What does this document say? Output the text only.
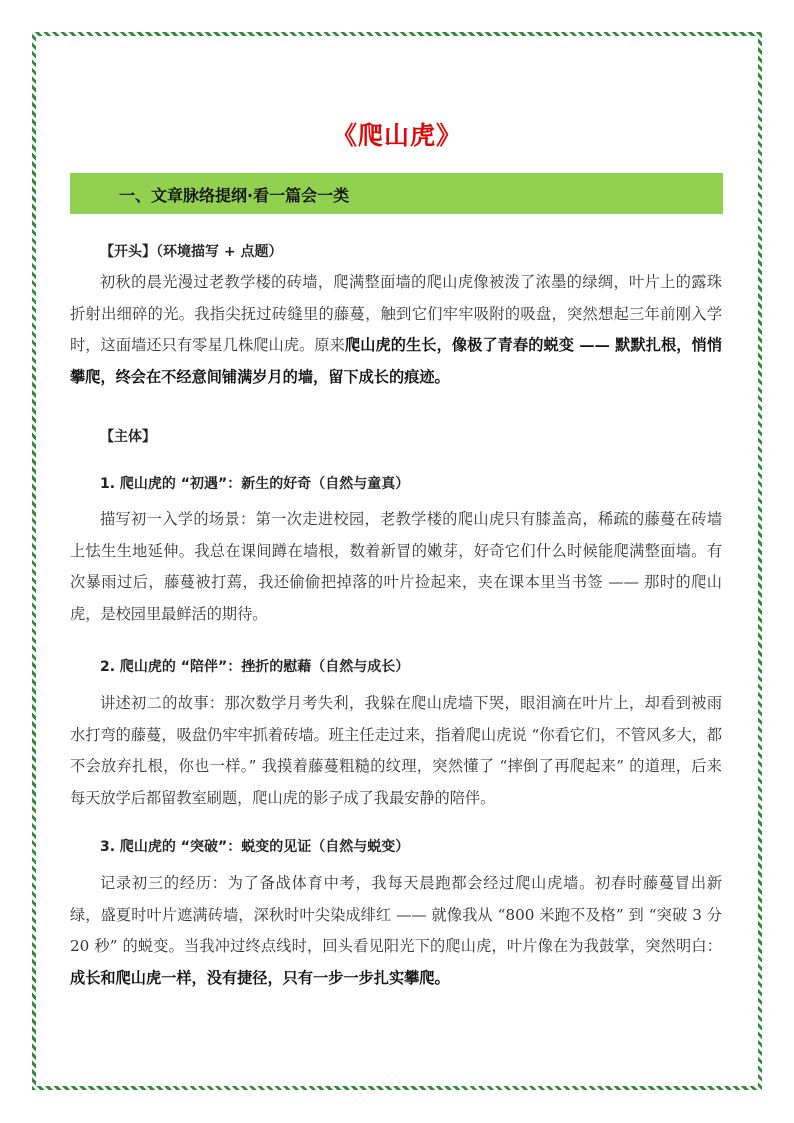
《爬山虎》
一、文章脉络提纲·看一篇会一类
【开头】（环境描写 + 点题）
初秋的晨光漫过老教学楼的砖墙，爬满整面墙的爬山虎像被泼了浓墨的绿绸，叶片上的露珠折射出细碎的光。我指尖抚过砖缝里的藤蔓，触到它们牢牢吸附的吸盘，突然想起三年前刚入学时，这面墙还只有零星几株爬山虎。原来爬山虎的生长，像极了青春的蜕变 —— 默默扎根，悄悄攀爬，终会在不经意间铺满岁月的墙，留下成长的痕迹。
【主体】
1. 爬山虎的 “初遇”：新生的好奇（自然与童真）
描写初一入学的场景：第一次走进校园，老教学楼的爬山虎只有膝盖高，稀疏的藤蔓在砖墙上怯生生地延伸。我总在课间蹲在墙根，数着新冒的嫩芽，好奇它们什么时候能爬满整面墙。有次暴雨过后，藤蔓被打蔫，我还偷偷把掉落的叶片捡起来，夹在课本里当书签 —— 那时的爬山虎，是校园里最鲜活的期待。
2. 爬山虎的 “陪伴”：挫折的慰藉（自然与成长）
讲述初二的故事：那次数学月考失利，我躲在爬山虎墙下哭，眼泪滴在叶片上，却看到被雨水打弯的藤蔓，吸盘仍牢牢抓着砖墙。班主任走过来，指着爬山虎说 “你看它们，不管风多大，都不会放弃扎根，你也一样。” 我摸着藤蔓粗糙的纹理，突然懂了 “摔倒了再爬起来” 的道理，后来每天放学后都留教室刷题，爬山虎的影子成了我最安静的陪伴。
3. 爬山虎的 “突破”：蜕变的见证（自然与蜕变）
记录初三的经历：为了备战体育中考，我每天晨跑都会经过爬山虎墙。初春时藤蔓冒出新绿，盛夏时叶片遮满砖墙，深秋时叶尖染成绯红 —— 就像我从 “800 米跑不及格” 到 “突破 3 分 20 秒” 的蜕变。当我冲过终点线时，回头看见阳光下的爬山虎，叶片像在为我鼓掌，突然明白：成长和爬山虎一样，没有捷径，只有一步一步扎实攀爬。
